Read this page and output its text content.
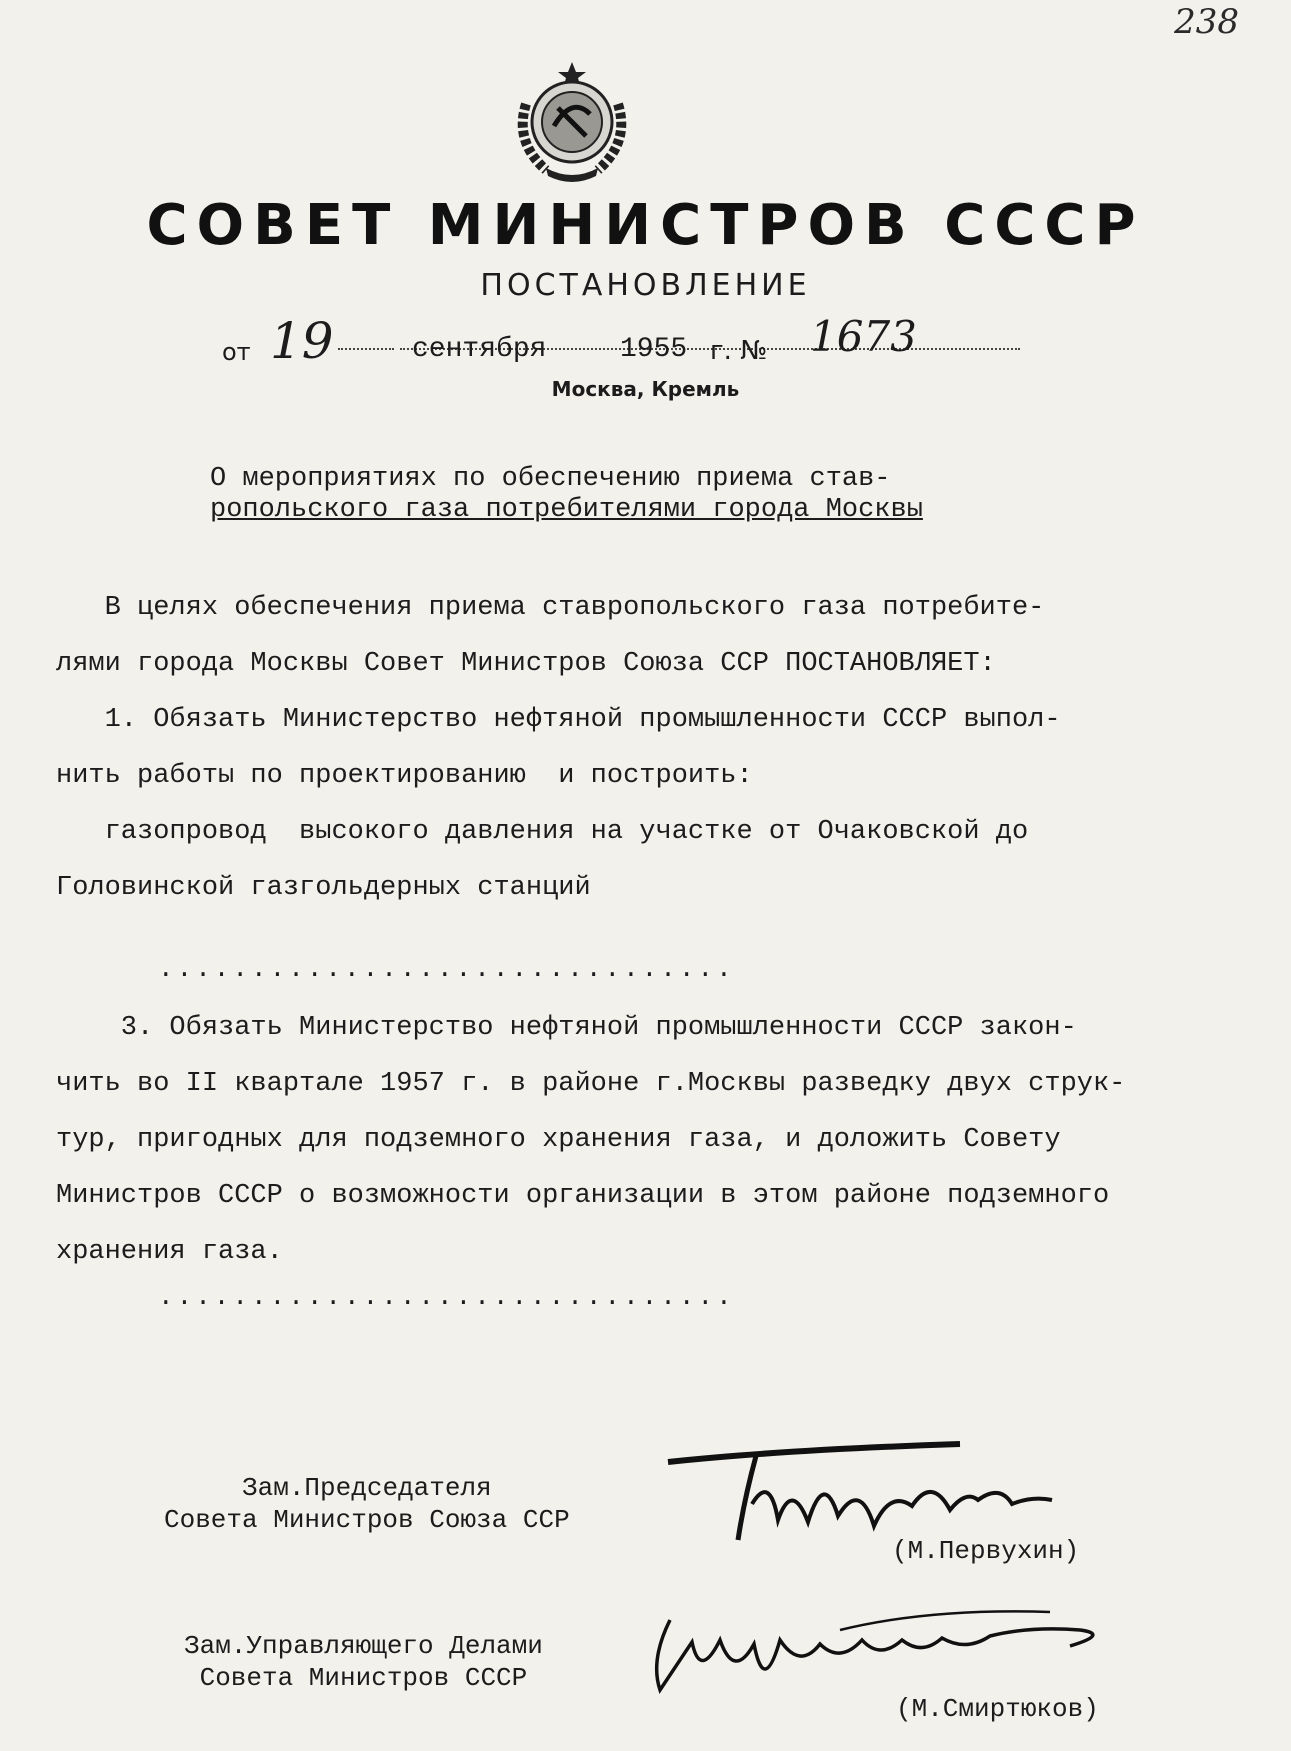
238
СОВЕТ МИНИСТРОВ СССР
ПОСТАНОВЛЕНИЕ
от 19	сентября	1955 г. № 1673
Москва, Кремль
О мероприятиях по обеспечению приема став-
ропольского газа потребителями города Москвы

В целях обеспечения приема ставропольского газа потребите-

лями города Москвы Совет Министров Союза ССР ПОСТАНОВЛЯЕТ:

1. Обязать Министерство нефтяной промышленности СССР выпол-

нить работы по проектированию  и построить:

газопровод  высокого давления на участке от Очаковской до

Головинской газгольдерных станций

...............................

3. Обязать Министерство нефтяной промышленности СССР закон-

чить во II квартале 1957 г. в районе г.Москвы разведку двух струк-

тур, пригодных для подземного хранения газа, и доложить Совету

Министров СССР о возможности организации в этом районе подземного

хранения газа.

...............................
Зам.Председателя
Совета Министров Союза ССР
(М.Первухин)
Зам.Управляющего Делами
Совета Министров СССР
(М.Смиртюков)
